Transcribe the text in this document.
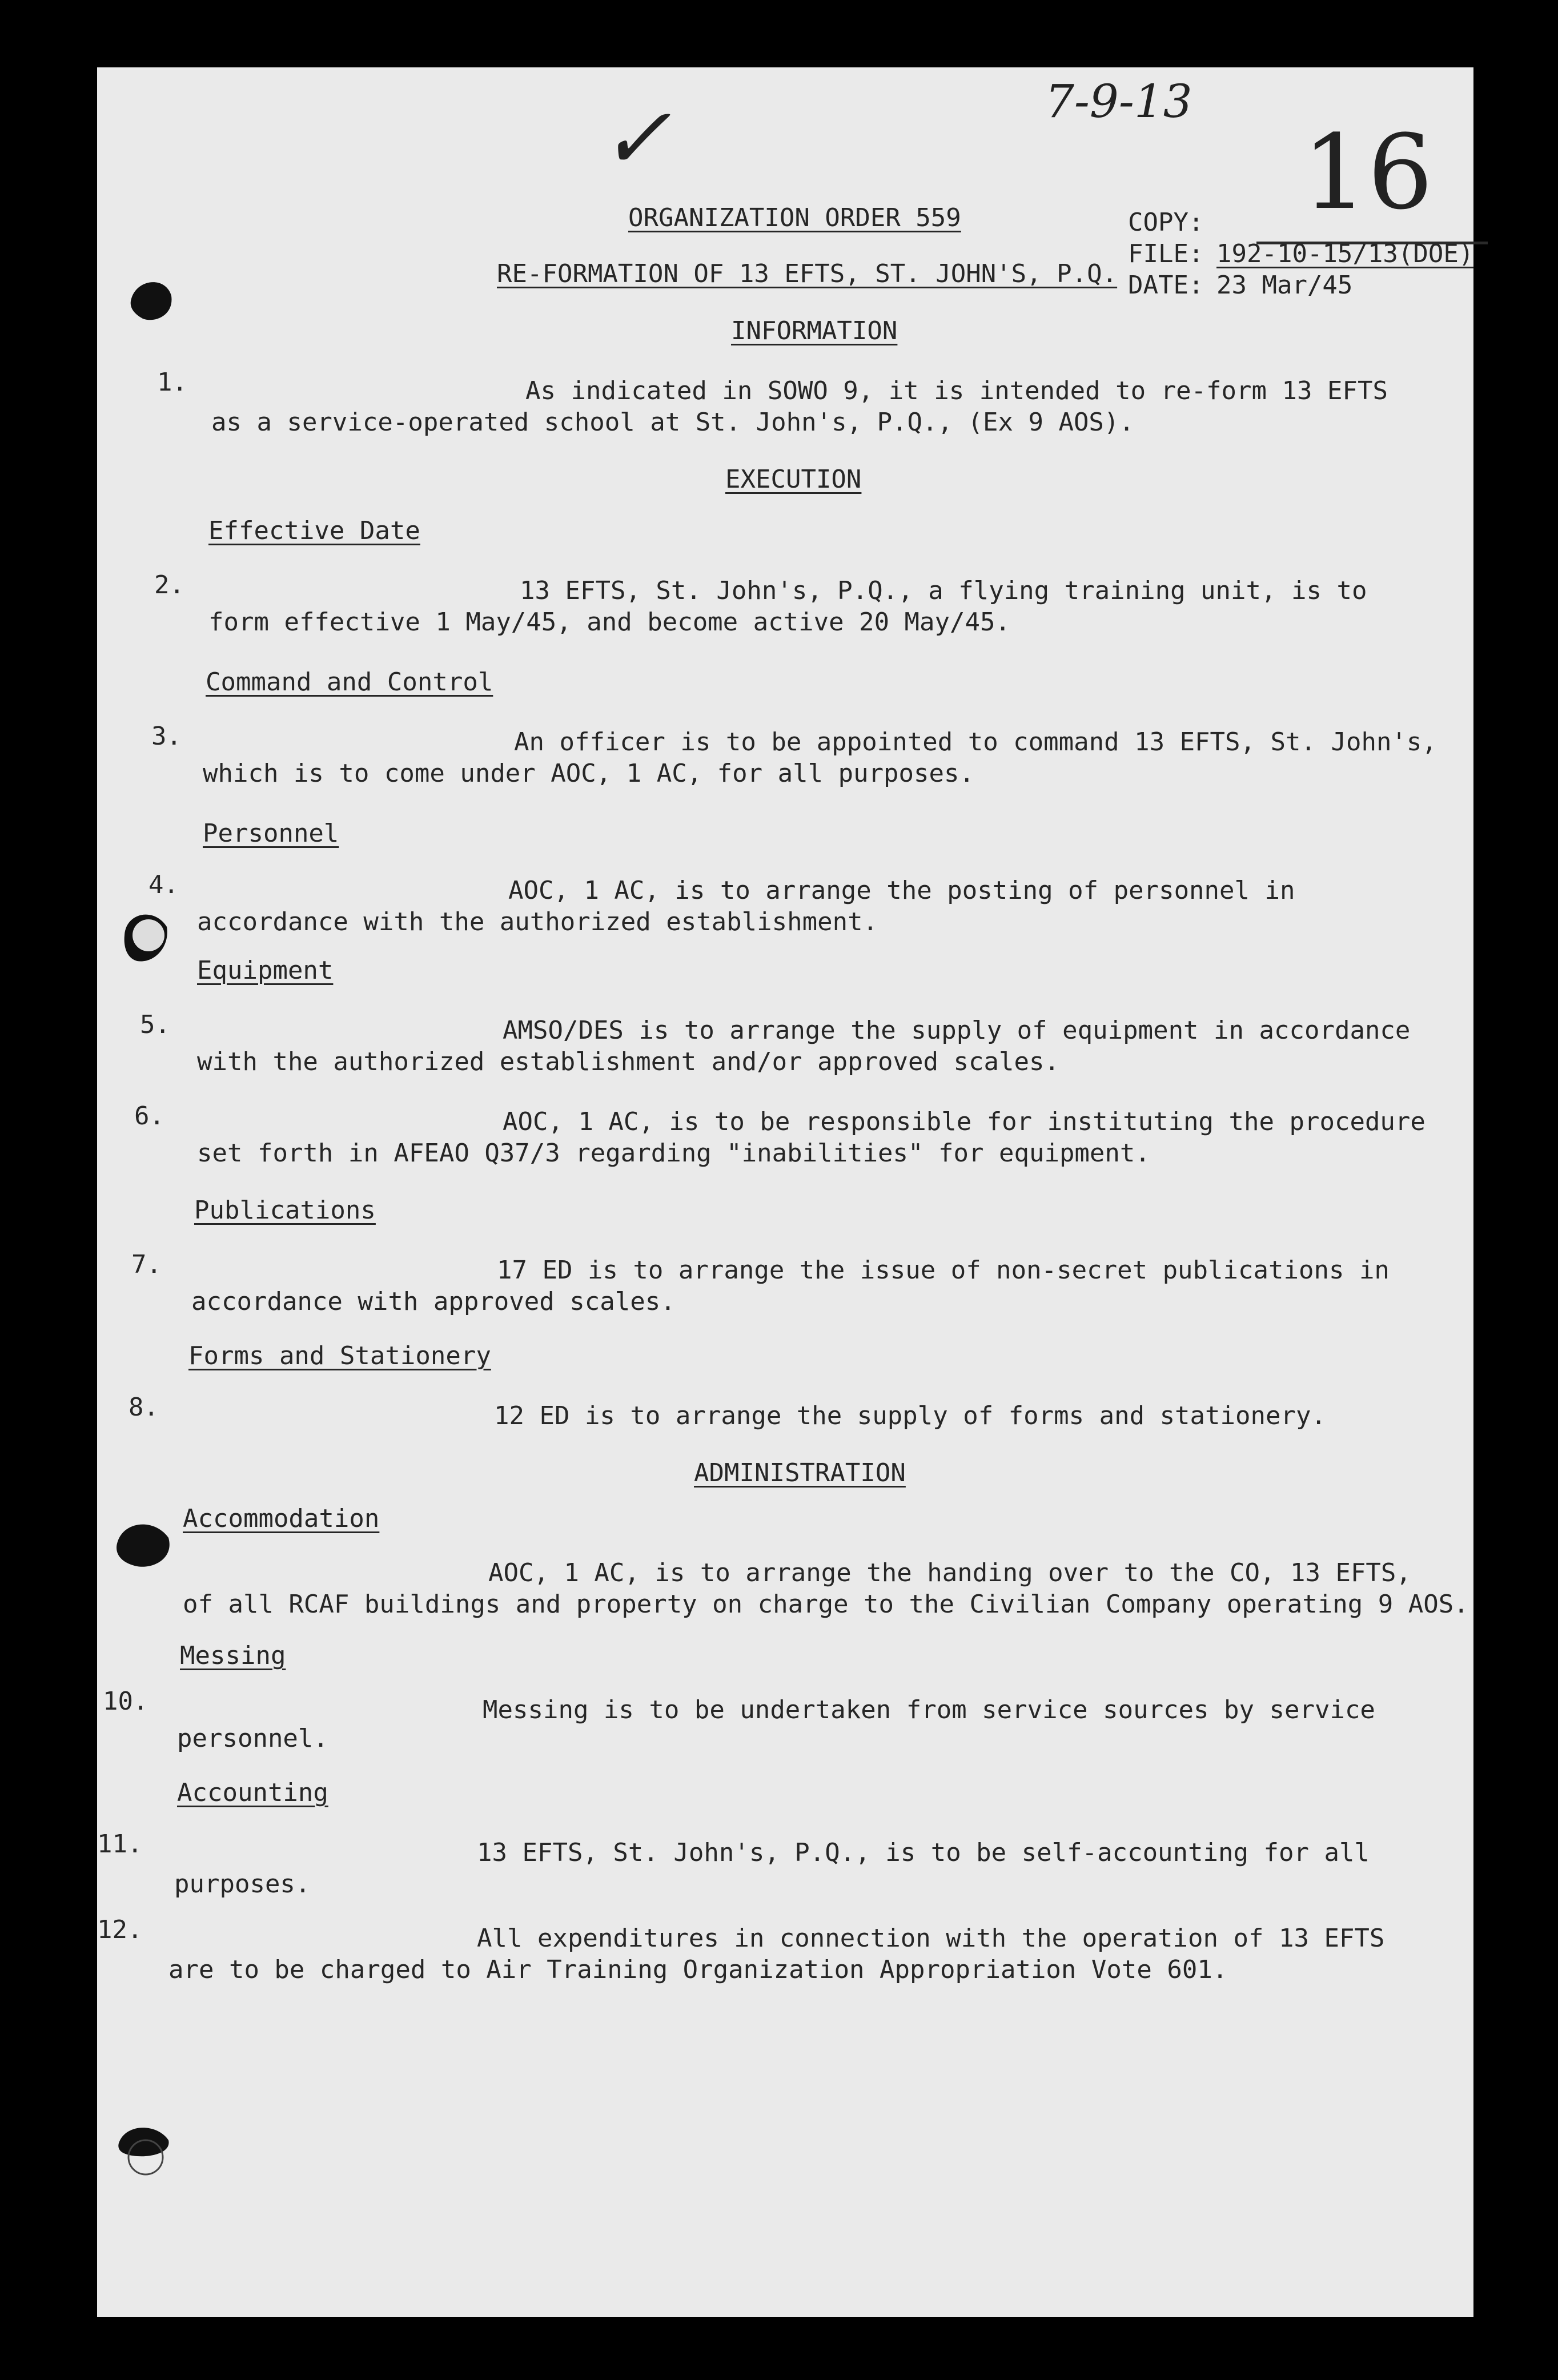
✓	7-9-13
16
ORGANIZATION ORDER 559
RE-FORMATION OF 13 EFTS, ST. JOHN'S, P.Q.
COPY:
FILE: 192-10-15/13(DOE)
DATE: 23 Mar/45
INFORMATION
1.	As indicated in SOWO 9, it is intended to re-form 13 EFTS
as a service-operated school at St. John's, P.Q., (Ex 9 AOS).
EXECUTION
Effective Date
2.	13 EFTS, St. John's, P.Q., a flying training unit, is to
form effective 1 May/45, and become active 20 May/45.
Command and Control
3.	An officer is to be appointed to command 13 EFTS, St. John's,
which is to come under AOC, 1 AC, for all purposes.
Personnel
4.	AOC, 1 AC, is to arrange the posting of personnel in
accordance with the authorized establishment.
Equipment
5.	AMSO/DES is to arrange the supply of equipment in accordance
with the authorized establishment and/or approved scales.
6.	AOC, 1 AC, is to be responsible for instituting the procedure
set forth in AFEAO Q37/3 regarding "inabilities" for equipment.
Publications
7.	17 ED is to arrange the issue of non-secret publications in
accordance with approved scales.
Forms and Stationery
8.	12 ED is to arrange the supply of forms and stationery.
ADMINISTRATION
Accommodation
AOC, 1 AC, is to arrange the handing over to the CO, 13 EFTS,
of all RCAF buildings and property on charge to the Civilian Company operating 9 AOS.
Messing
10.	Messing is to be undertaken from service sources by service
personnel.
Accounting
11.	13 EFTS, St. John's, P.Q., is to be self-accounting for all
purposes.
12.	All expenditures in connection with the operation of 13 EFTS
are to be charged to Air Training Organization Appropriation Vote 601.
